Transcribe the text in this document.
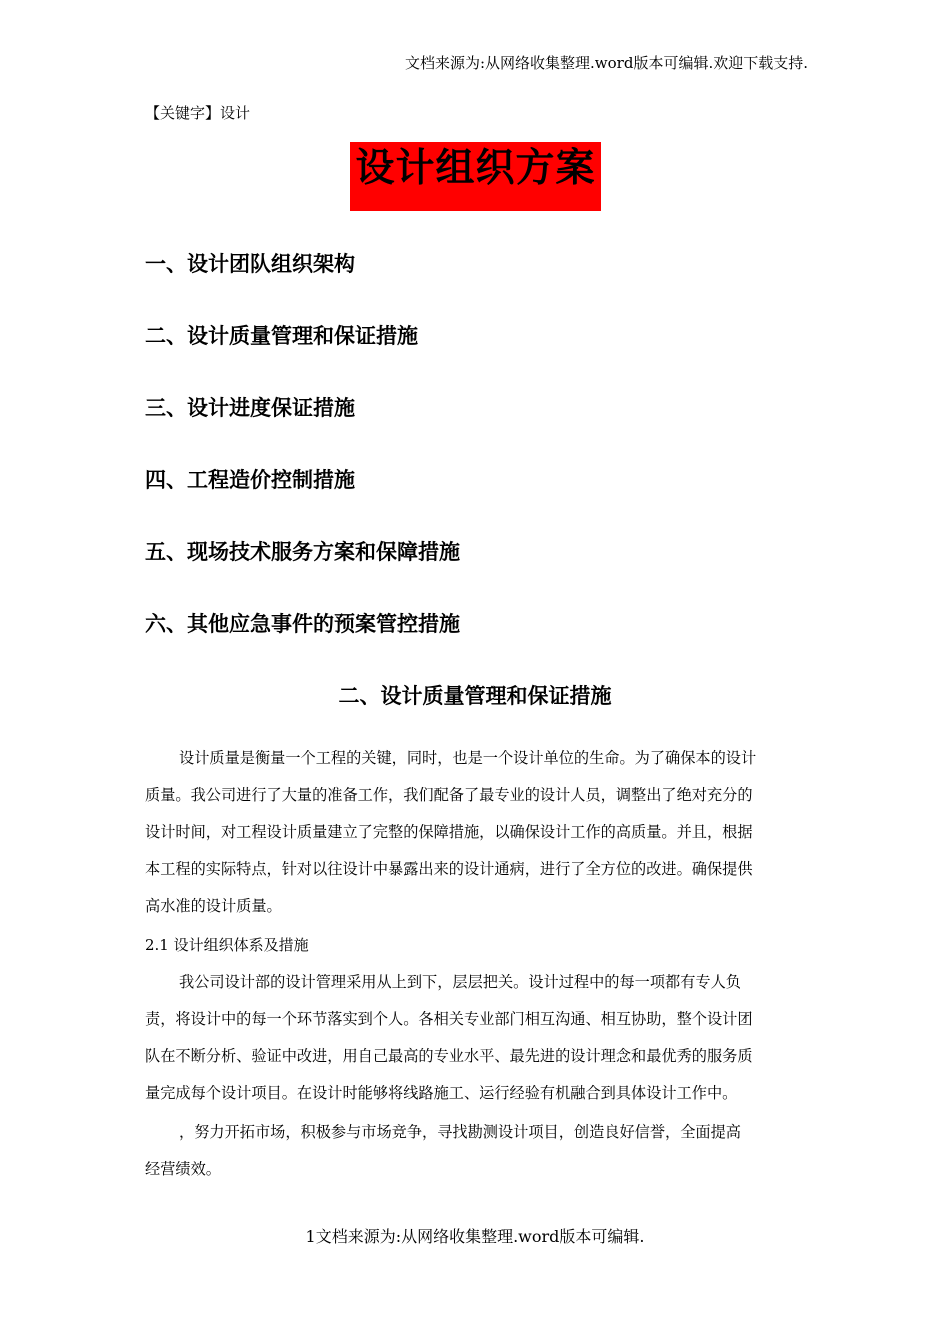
文档来源为:从网络收集整理.word版本可编辑.欢迎下载支持.
【关键字】设计
设计组织方案
一、设计团队组织架构
二、设计质量管理和保证措施
三、设计进度保证措施
四、工程造价控制措施
五、现场技术服务方案和保障措施
六、其他应急事件的预案管控措施
二、设计质量管理和保证措施
设计质量是衡量一个工程的关键，同时，也是一个设计单位的生命。为了确保本的设计
质量。我公司进行了大量的准备工作，我们配备了最专业的设计人员，调整出了绝对充分的
设计时间，对工程设计质量建立了完整的保障措施，以确保设计工作的高质量。并且，根据
本工程的实际特点，针对以往设计中暴露出来的设计通病，进行了全方位的改进。确保提供
高水准的设计质量。
2.1 设计组织体系及措施
我公司设计部的设计管理采用从上到下，层层把关。设计过程中的每一项都有专人负
责，将设计中的每一个环节落实到个人。各相关专业部门相互沟通、相互协助，整个设计团
队在不断分析、验证中改进，用自己最高的专业水平、最先进的设计理念和最优秀的服务质
量完成每个设计项目。在设计时能够将线路施工、运行经验有机融合到具体设计工作中。
，努力开拓市场，积极参与市场竞争，寻找勘测设计项目，创造良好信誉，全面提高
经营绩效。
1文档来源为:从网络收集整理.word版本可编辑.
